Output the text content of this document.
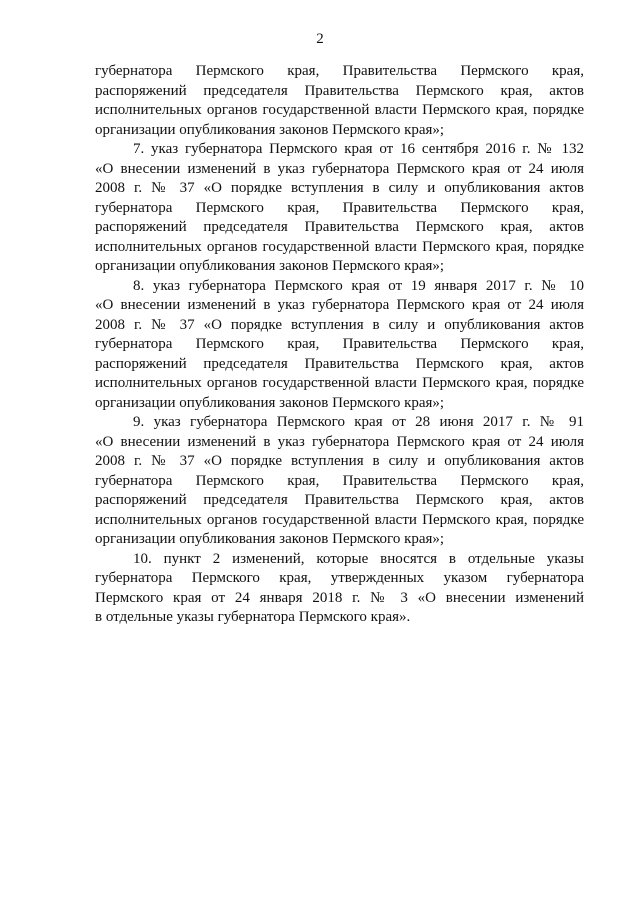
2
губернатора Пермского края, Правительства Пермского края,
распоряжений председателя Правительства Пермского края, актов
исполнительных органов государственной власти Пермского края, порядке
организации опубликования законов Пермского края»;
7. указ губернатора Пермского края от 16 сентября 2016 г. № 132
«О внесении изменений в указ губернатора Пермского края от 24 июля
2008 г. № 37 «О порядке вступления в силу и опубликования актов
губернатора Пермского края, Правительства Пермского края,
распоряжений председателя Правительства Пермского края, актов
исполнительных органов государственной власти Пермского края, порядке
организации опубликования законов Пермского края»;
8. указ губернатора Пермского края от 19 января 2017 г. № 10
«О внесении изменений в указ губернатора Пермского края от 24 июля
2008 г. № 37 «О порядке вступления в силу и опубликования актов
губернатора Пермского края, Правительства Пермского края,
распоряжений председателя Правительства Пермского края, актов
исполнительных органов государственной власти Пермского края, порядке
организации опубликования законов Пермского края»;
9. указ губернатора Пермского края от 28 июня 2017 г. № 91
«О внесении изменений в указ губернатора Пермского края от 24 июля
2008 г. № 37 «О порядке вступления в силу и опубликования актов
губернатора Пермского края, Правительства Пермского края,
распоряжений председателя Правительства Пермского края, актов
исполнительных органов государственной власти Пермского края, порядке
организации опубликования законов Пермского края»;
10. пункт 2 изменений, которые вносятся в отдельные указы
губернатора Пермского края, утвержденных указом губернатора
Пермского края от 24 января 2018 г. № 3 «О внесении изменений
в отдельные указы губернатора Пермского края».
